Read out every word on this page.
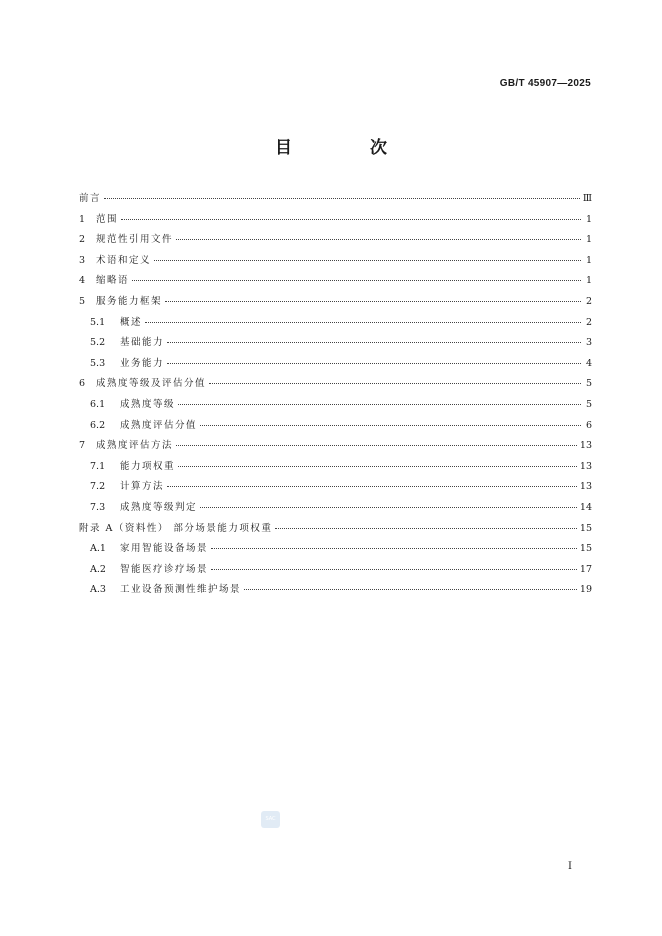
GB/T 45907—2025
目 次
前言	Ⅲ
1	范围	1
2	规范性引用文件	1
3	术语和定义	1
4	缩略语	1
5	服务能力框架	2
5.1	概述	2
5.2	基础能力	3
5.3	业务能力	4
6	成熟度等级及评估分值	5
6.1	成熟度等级	5
6.2	成熟度评估分值	6
7	成熟度评估方法	13
7.1	能力项权重	13
7.2	计算方法	13
7.3	成熟度等级判定	14
附录 A（资料性） 部分场景能力项权重	15
A.1	家用智能设备场景	15
A.2	智能医疗诊疗场景	17
A.3	工业设备预测性维护场景	19
SAC
I
